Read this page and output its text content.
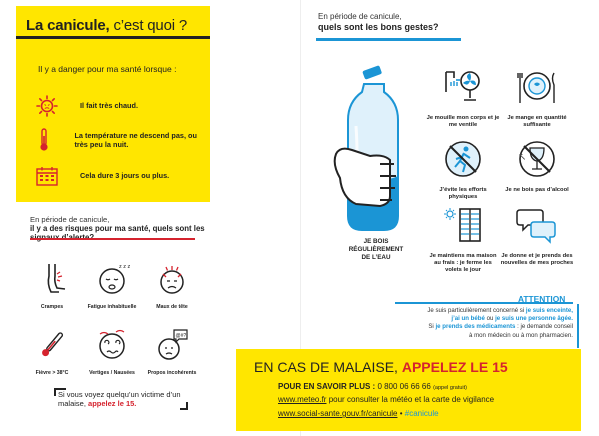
La canicule, c’est quoi ?
Il y a danger pour ma santé lorsque :
Il fait très chaud.
La température ne descend pas, ou très peu la nuit.
Cela dure 3 jours ou plus.
En période de canicule,
il y a des risques pour ma santé, quels sont les
Crampes
z z z
Fatigue inhabituelle	Maux de tête
Fièvre > 38°C	Vertiges / Nausées
@#?!
Propos incohérents
Si vous voyez quelqu’un victime d’un malaise, appelez le 15.
En période de canicule,
quels sont les bons gestes?
JE BOIS RÉGULIÈREMENT DE L’EAU
Je mouille mon corps et je me ventile
Je mange en quantité suffisante
J’évite les efforts physiques
Je ne bois pas d’alcool
Je maintiens ma maison au frais : je ferme les volets le jour
Je donne et je prends des nouvelles de mes proches
↖
ATTENTION
Je suis particulièrement concerné si je suis enceinte,
j’ai un bébé ou je suis une personne âgée.
Si je prends des médicaments : je demande conseil
à mon médecin ou à mon pharmacien.
EN CAS DE MALAISE, APPELEZ LE 15
POUR EN SAVOIR PLUS : 0 800 06 66 66 (appel gratuit)
www.meteo.fr pour consulter la météo et la carte de vigilance
www.social-sante.gouv.fr/canicule • #canicule
